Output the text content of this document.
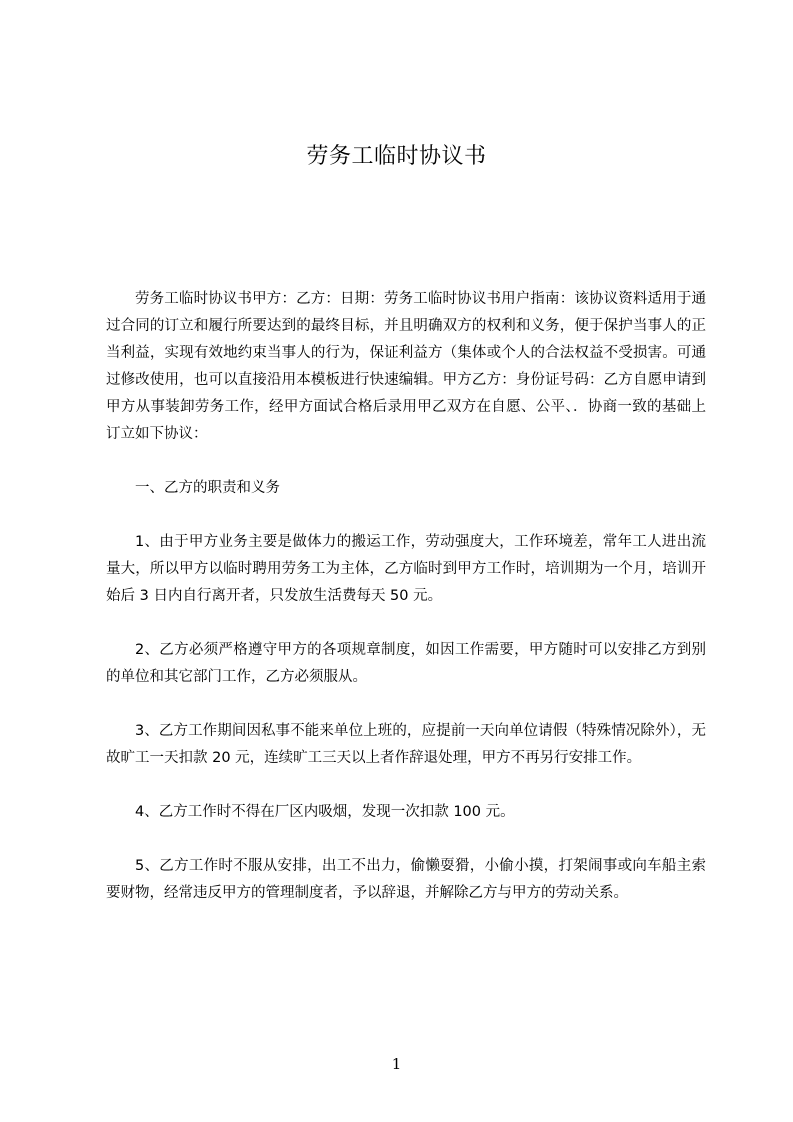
劳务工临时协议书

劳务工临时协议书甲方：乙方：日期：劳务工临时协议书用户指南：该协议资料适用于通过合同的订立和履行所要达到的最终目标，并且明确双方的权利和义务，便于保护当事人的正当利益，实现有效地约束当事人的行为，保证利益方（集体或个人的合法权益不受损害。可通过修改使用，也可以直接沿用本模板进行快速编辑。甲方乙方：身份证号码：乙方自愿申请到甲方从事装卸劳务工作，经甲方面试合格后录用甲乙双方在自愿、公平、．协商一致的基础上订立如下协议：

一、乙方的职责和义务

1、由于甲方业务主要是做体力的搬运工作，劳动强度大，工作环境差，常年工人进出流量大，所以甲方以临时聘用劳务工为主体，乙方临时到甲方工作时，培训期为一个月，培训开始后 3 日内自行离开者，只发放生活费每天 50 元。

2、乙方必须严格遵守甲方的各项规章制度，如因工作需要，甲方随时可以安排乙方到别的单位和其它部门工作，乙方必须服从。

3、乙方工作期间因私事不能来单位上班的，应提前一天向单位请假（特殊情况除外），无故旷工一天扣款 20 元，连续旷工三天以上者作辞退处理，甲方不再另行安排工作。

4、乙方工作时不得在厂区内吸烟，发现一次扣款 100 元。

5、乙方工作时不服从安排，出工不出力，偷懒耍猾，小偷小摸，打架闹事或向车船主索要财物，经常违反甲方的管理制度者，予以辞退，并解除乙方与甲方的劳动关系。

1
